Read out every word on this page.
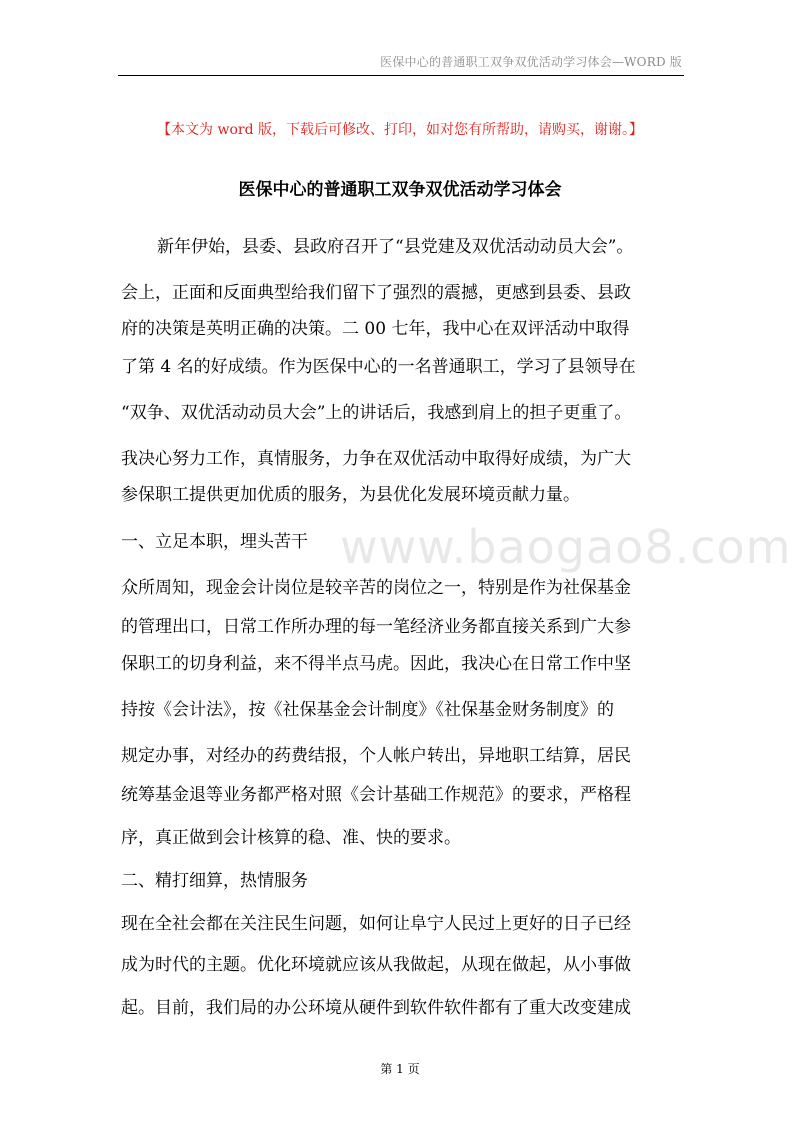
医保中心的普通职工双争双优活动学习体会—WORD 版
【本文为 word 版，下载后可修改、打印，如对您有所帮助，请购买，谢谢。】
医保中心的普通职工双争双优活动学习体会
新年伊始，县委、县政府召开了“县党建及双优活动动员大会”。
会上，正面和反面典型给我们留下了强烈的震撼，更感到县委、县政
府的决策是英明正确的决策。二 00 七年，我中心在双评活动中取得
了第 4 名的好成绩。作为医保中心的一名普通职工，学习了县领导在
“双争、双优活动动员大会”上的讲话后，我感到肩上的担子更重了。
我决心努力工作，真情服务，力争在双优活动中取得好成绩，为广大
参保职工提供更加优质的服务，为县优化发展环境贡献力量。
一、立足本职，埋头苦干
众所周知，现金会计岗位是较辛苦的岗位之一，特别是作为社保基金
的管理出口，日常工作所办理的每一笔经济业务都直接关系到广大参
保职工的切身利益，来不得半点马虎。因此，我决心在日常工作中坚
持按《会计法》，按《社保基金会计制度》《社保基金财务制度》的
规定办事，对经办的药费结报，个人帐户转出，异地职工结算，居民
统筹基金退等业务都严格对照《会计基础工作规范》的要求，严格程
序，真正做到会计核算的稳、准、快的要求。
二、精打细算，热情服务
现在全社会都在关注民生问题，如何让阜宁人民过上更好的日子已经
成为时代的主题。优化环境就应该从我做起，从现在做起，从小事做
起。目前，我们局的办公环境从硬件到软件软件都有了重大改变建成
www.baogao8.com
第 1 页
